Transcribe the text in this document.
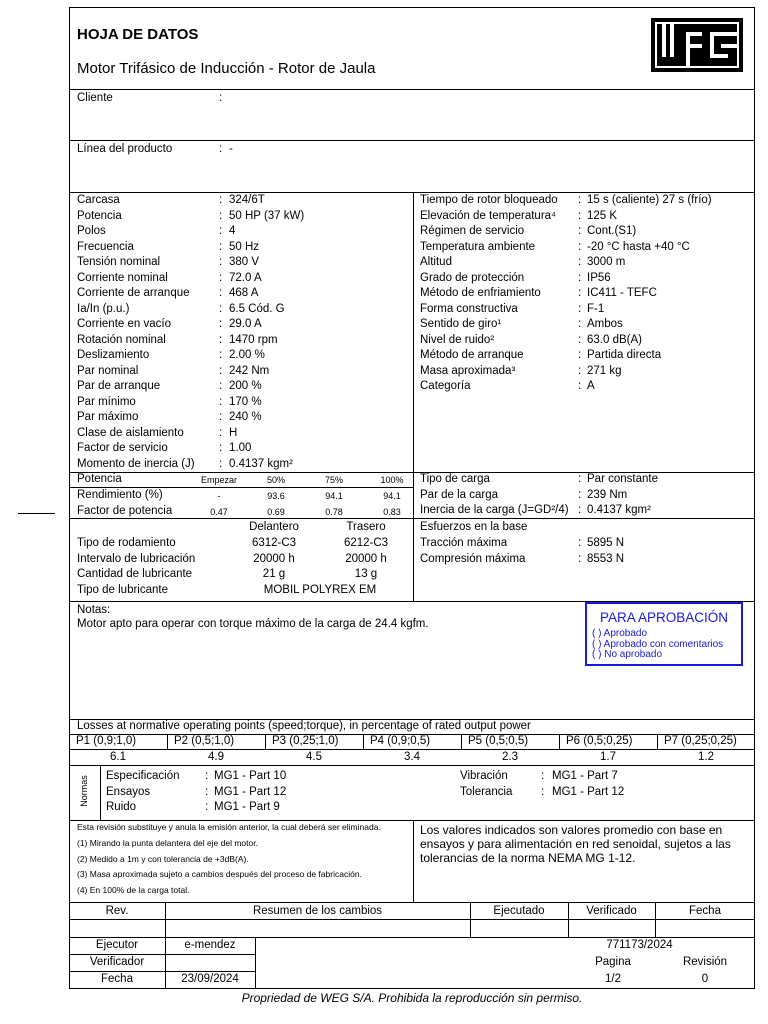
HOJA DE DATOS
Motor Trifásico de Inducción - Rotor de Jaula
Cliente	:
Línea del producto	: -
Carcasa	: 324/6T
Potencia	: 50 HP (37 kW)
Polos	: 4
Frecuencia	: 50 Hz
Tensión nominal	: 380 V
Corriente nominal	: 72.0 A
Corriente de arranque	: 468 A
Ia/In (p.u.)	: 6.5 Cód. G
Corriente en vacío	: 29.0 A
Rotación nominal	: 1470 rpm
Deslizamiento	: 2.00 %
Par nominal	: 242 Nm
Par de arranque	: 200 %
Par mínimo	: 170 %
Par máximo	: 240 %
Clase de aislamiento	: H
Factor de servicio	: 1.00
Momento de inercia (J) : 0.4137 kgm²
Tiempo de rotor bloqueado : 15 s (caliente) 27 s (frío)
Elevación de temperatura⁴ : 125 K
Régimen de servicio	: Cont.(S1)
Temperatura ambiente	: -20 °C hasta +40 °C
Altitud	: 3000 m
Grado de protección	: IP56
Método de enfriamiento	: IC411 - TEFC
Forma constructiva	: F-1
Sentido de giro¹	: Ambos
Nivel de ruido²	: 63.0 dB(A)
Método de arranque	: Partida directa
Masa aproximada³	: 271 kg
Categoría	: A
Potencia	Empezar	50%	75%	100%
Rendimiento (%)	-	93.6	94.1	94.1
Factor de potencia	0.47	0.69	0.78	0.83
Tipo de carga	: Par constante
Par de la carga	: 239 Nm
Inercia de la carga (J=GD²/4) : 0.4137 kgm²
Delantero	Trasero
Tipo de rodamiento	6312-C3	6212-C3
Intervalo de lubricación	20000 h	20000 h
Cantidad de lubricante	21 g	13 g
Tipo de lubricante	MOBIL POLYREX EM
Esfuerzos en la base
Tracción máxima	: 5895 N
Compresión máxima	: 8553 N
Notas:
Motor apto para operar con torque máximo de la carga de 24.4 kgfm.	PARA APROBACIÓN
( ) Aprobado
( ) Aprobado con comentarios
( ) No aprobado
Losses at normative operating points (speed;torque), in percentage of rated output power
P1 (0,9;1,0)
6.1
P2 (0,5;1,0)
4.9
P3 (0,25;1,0)
4.5
P4 (0,9;0,5)
3.4
P5 (0,5;0,5)
2.3
P6 (0,5;0,25)
1.7
P7 (0,25;0,25)
1.2
Normas Especificación : MG1 - Part 10
Ensayos	: MG1 - Part 12
Ruido	: MG1 - Part 9
Vibración	: MG1 - Part 7
Tolerancia : MG1 - Part 12
Esta revisión substituye y anula la emisión anterior, la cual deberá ser eliminada.
(1) Mirando la punta delantera del eje del motor.
(2) Medido a 1m y con tolerancia de +3dB(A).
(3) Masa aproximada sujeto a cambios después del proceso de fabricación.
(4) En 100% de la carga total.
Los valores indicados son valores promedio con base en ensayos y para alimentación en red senoidal, sujetos a las tolerancias de la norma NEMA MG 1-12.
Rev.	Resumen de los cambios	Ejecutado	Verificado	Fecha
Ejecutor	e-mendez
Verificador
Fecha	23/09/2024
771173/2024
Pagina	Revisión
1/2	0
Propriedad de WEG S/A. Prohibida la reproducción sin permiso.
